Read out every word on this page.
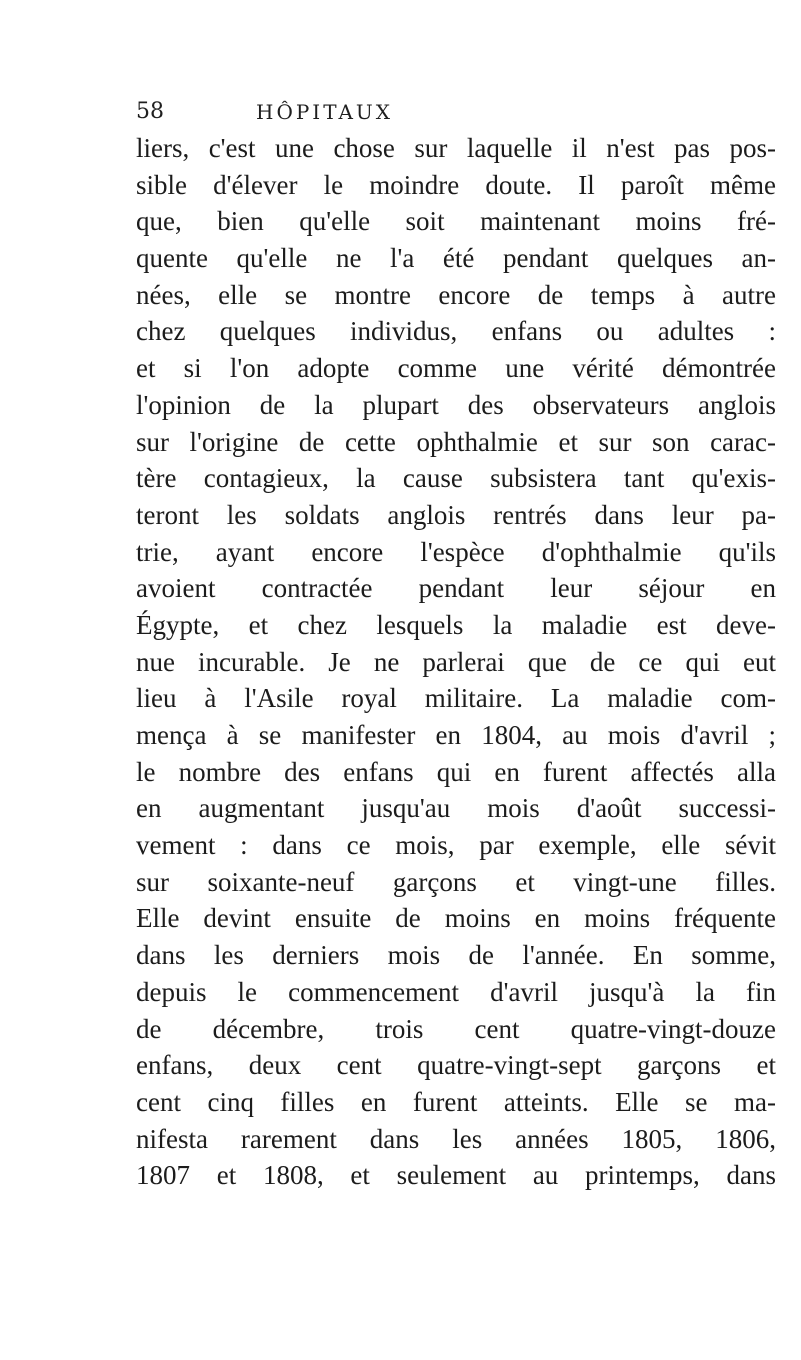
58	HÔPITAUX
liers, c'est une chose sur laquelle il n'est pas pos-
sible d'élever le moindre doute. Il paroît même
que, bien qu'elle soit maintenant moins fré-
quente qu'elle ne l'a été pendant quelques an-
nées, elle se montre encore de temps à autre
chez quelques individus, enfans ou adultes :
et si l'on adopte comme une vérité démontrée
l'opinion de la plupart des observateurs anglois
sur l'origine de cette ophthalmie et sur son carac-
tère contagieux, la cause subsistera tant qu'exis-
teront les soldats anglois rentrés dans leur pa-
trie, ayant encore l'espèce d'ophthalmie qu'ils
avoient contractée pendant leur séjour en
Égypte, et chez lesquels la maladie est deve-
nue incurable. Je ne parlerai que de ce qui eut
lieu à l'Asile royal militaire. La maladie com-
mença à se manifester en 1804, au mois d'avril ;
le nombre des enfans qui en furent affectés alla
en augmentant jusqu'au mois d'août successi-
vement : dans ce mois, par exemple, elle sévit
sur soixante-neuf garçons et vingt-une filles.
Elle devint ensuite de moins en moins fréquente
dans les derniers mois de l'année. En somme,
depuis le commencement d'avril jusqu'à la fin
de décembre, trois cent quatre-vingt-douze
enfans, deux cent quatre-vingt-sept garçons et
cent cinq filles en furent atteints. Elle se ma-
nifesta rarement dans les années 1805, 1806,
1807 et 1808, et seulement au printemps, dans
